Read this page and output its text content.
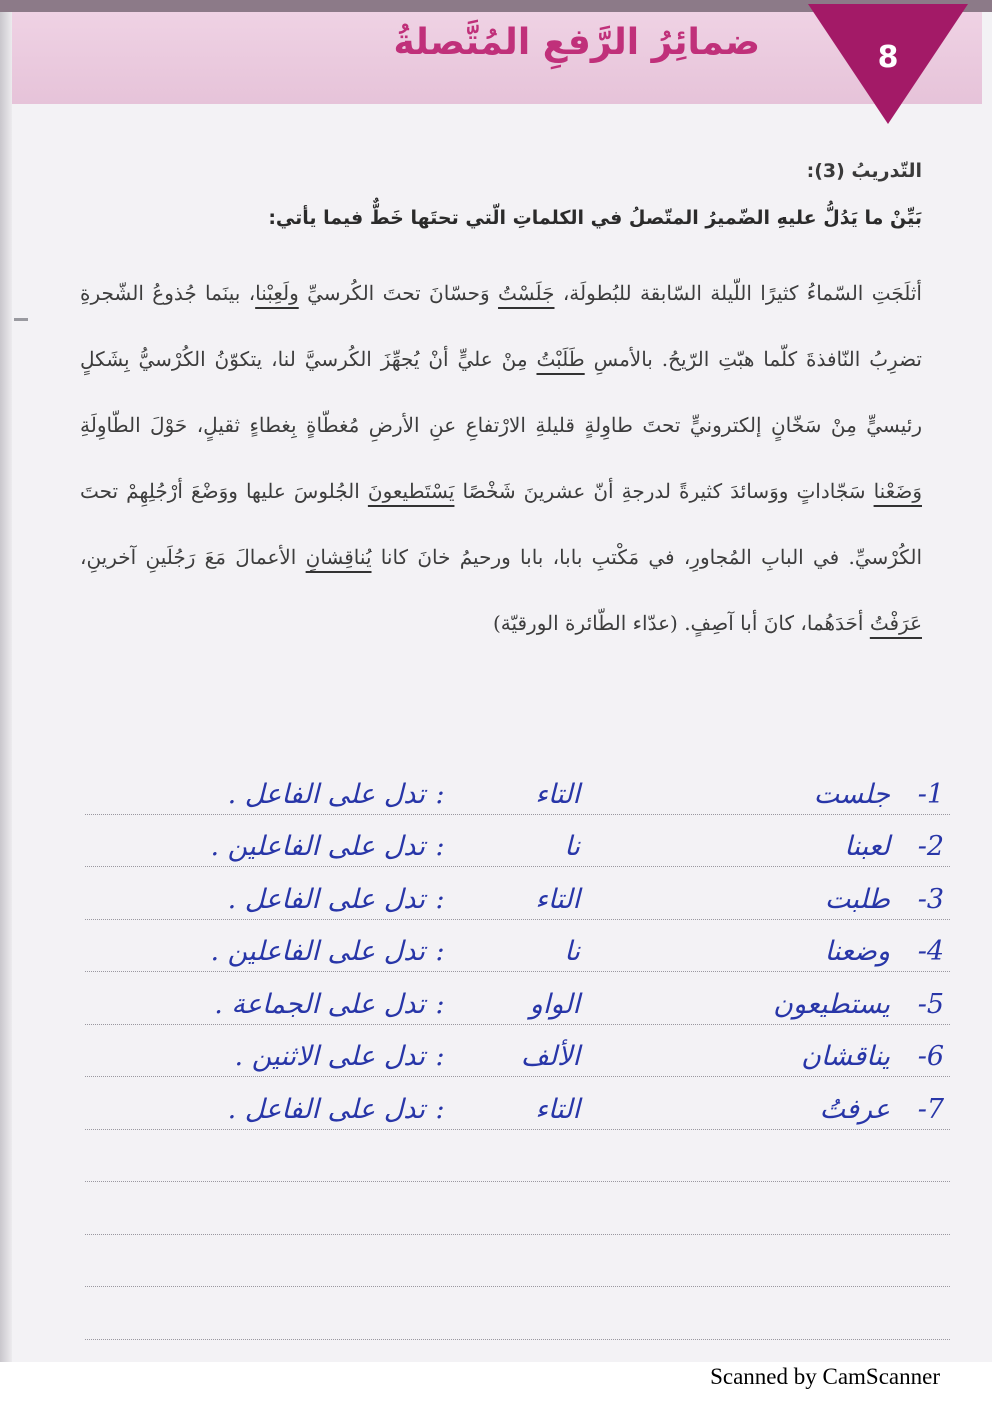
8
ضمائِرُ الرَّفعِ المُتَّصلةُ
التّدريبُ (3):
بَيِّنْ ما يَدُلُّ عليهِ الضّميرُ المتّصلُ في الكلماتِ الّتي تحتَها خَطٌّ فيما يأتي:
أثلَجَتِ السّماءُ كثيرًا اللّيلة السّابقة للبُطولَة، جَلَسْتُ وَحسّانَ تحتَ الكُرسيِّ ولَعِبْنا، بينَما جُذوعُ الشّجرةِ تضرِبُ النّافذةَ كلّما هبّتِ الرّيحُ. بالأمسِ طَلَبْتُ مِنْ عليٍّ أنْ يُجهِّزَ الكُرسيَّ لنا، يتكوّنُ الكُرْسيُّ بِشَكلٍ رئيسيٍّ مِنْ سَخّانٍ إلكترونيٍّ تحتَ طاوِلةٍ قليلةِ الارْتفاعِ عنِ الأرضِ مُغطّاةٍ بِغطاءٍ ثقيلٍ، حَوْلَ الطّاوِلَةِ وَضَعْنا سَجّاداتٍ ووَسائدَ كثيرةً لدرجةِ أنّ عشرينَ شَخْصًا يَسْتَطيعونَ الجُلوسَ عليها ووَضْعَ أرْجُلِهِمْ تحتَ الكُرْسيِّ. في البابِ المُجاورِ، في مَكْتبِ بابا، بابا ورحيمُ خانَ كانا يُناقِشانِ الأعمالَ مَعَ رَجُلَينِ آخرينِ، عَرَفْتُ أحَدَهُما، كانَ أبا آصِفٍ. (عدّاء الطّائرة الورقيّة)
1-
جلست
التاء
:
تدل على الفاعل .
2-
لعبنا
نا
:
تدل على الفاعلين .
3-
طلبت
التاء
:
تدل على الفاعل .
4-
وضعنا
نا
:
تدل على الفاعلين .
5-
يستطيعون
الواو
:
تدل على الجماعة .
6-
يناقشان
الألف
:
تدل على الاثنين .
7-
عرفتُ
التاء
:
تدل على الفاعل .
Scanned by CamScanner
